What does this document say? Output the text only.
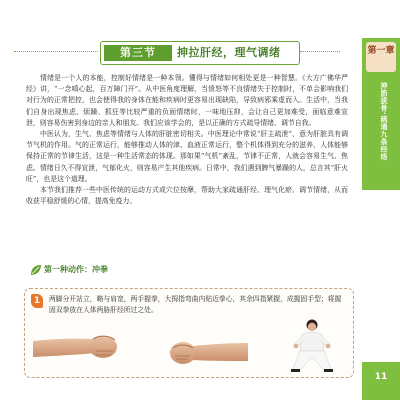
第三节	抻拉肝经，理气调绪	第一章
抻筋拔骨·疏通九条经络

情绪是一个人的本能，控制好情绪是一种本领。懂得与情绪如何相处更是一种智慧。《大方广佛华严经》讲，“一念嗔心起，百万障门开”。从中医角度理解，当愤怒等不良情绪失于控制时，不单会影响我们对行为的正常把控，也会使得我的身体在能和疾病时更容易出现缺陷，导致病邪乘虚而入。生活中，当我们自身出现焦虑、烦躁、抓狂等比较严重的负面情绪时，一味地压抑，会让自己更加难受，面临意难宣泄，则容易伤害到身边的亲人和朋友。我们应该学会的，是以正确的方式疏导情绪、调节自我。

中医认为，生气、焦虑等情绪与人体的肝脏密切相关。中医理论中常说“肝主疏泄”，意为肝脏具有调节气机的作用。气的正常运行，能够推动人体的津、血液正常运行，整个机体得到充分的滋养，人体能够保持正常的节律生活，这是一种生活常态的体现。那如果“气机”紊乱，节律不正常，人就会容易生气、焦虑。情绪日久不得宣泄，气郁化火，则容易产生其他疾病。日常中，我们遇到脾气暴躁的人，总言其“肝火旺”，也是这个道理。

本节我们推荐一些中医传统的运动方式或穴位按摩，帮助大家疏通肝经、理气化瘀、调节情绪，从而收获平稳舒缓的心情，提高免疫力。

第一种动作：冲拳
1	两脚分开站立，略与肩宽，两手握拳，大拇指弯曲内贴近拳心，其余四指紧握，成握固手型；将握固双拳放在人体两胁肝经所过之处。
11
